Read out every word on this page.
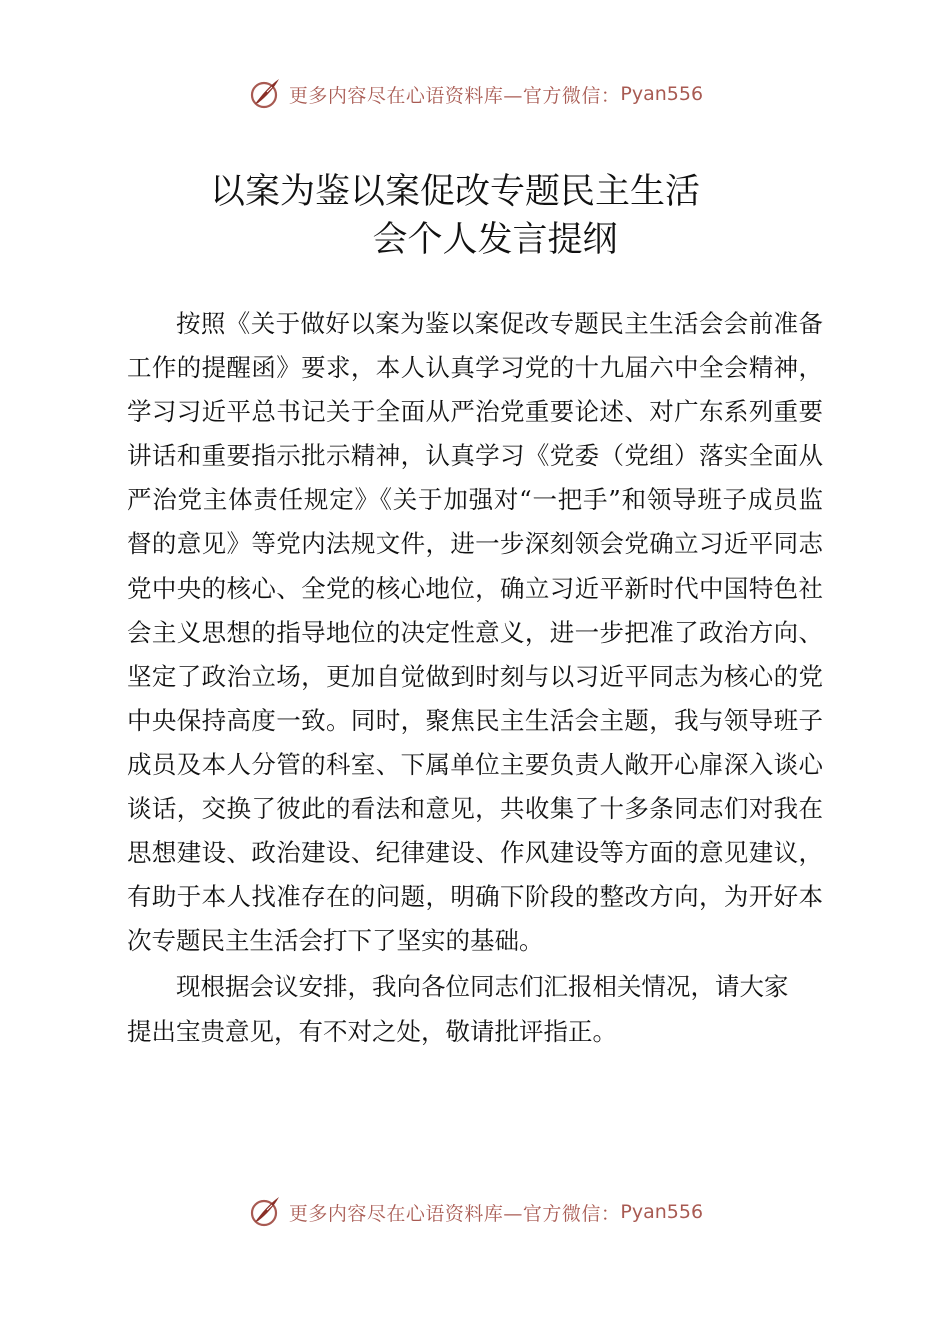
更多内容尽在心语资料库—官方微信： Pyan556
以案为鉴以案促改专题民主生活
会个人发言提纲

按照《关于做好以案为鉴以案促改专题民主生活会会前准备工作的提醒函》要求，本人认真学习党的十九届六中全会精神，学习习近平总书记关于全面从严治党重要论述、对广东系列重要讲话和重要指示批示精神，认真学习《党委（党组）落实全面从严治党主体责任规定》《关于加强对“一把手”和领导班子成员监督的意见》等党内法规文件，进一步深刻领会党确立习近平同志党中央的核心、全党的核心地位，确立习近平新时代中国特色社会主义思想的指导地位的决定性意义，进一步把准了政治方向、坚定了政治立场，更加自觉做到时刻与以习近平同志为核心的党中央保持高度一致。同时，聚焦民主生活会主题，我与领导班子成员及本人分管的科室、下属单位主要负责人敞开心扉深入谈心谈话，交换了彼此的看法和意见，共收集了十多条同志们对我在思想建设、政治建设、纪律建设、作风建设等方面的意见建议，有助于本人找准存在的问题，明确下阶段的整改方向，为开好本次专题民主生活会打下了坚实的基础。

现根据会议安排，我向各位同志们汇报相关情况，请大家提出宝贵意见，有不对之处，敬请批评指正。

更多内容尽在心语资料库—官方微信： Pyan556
